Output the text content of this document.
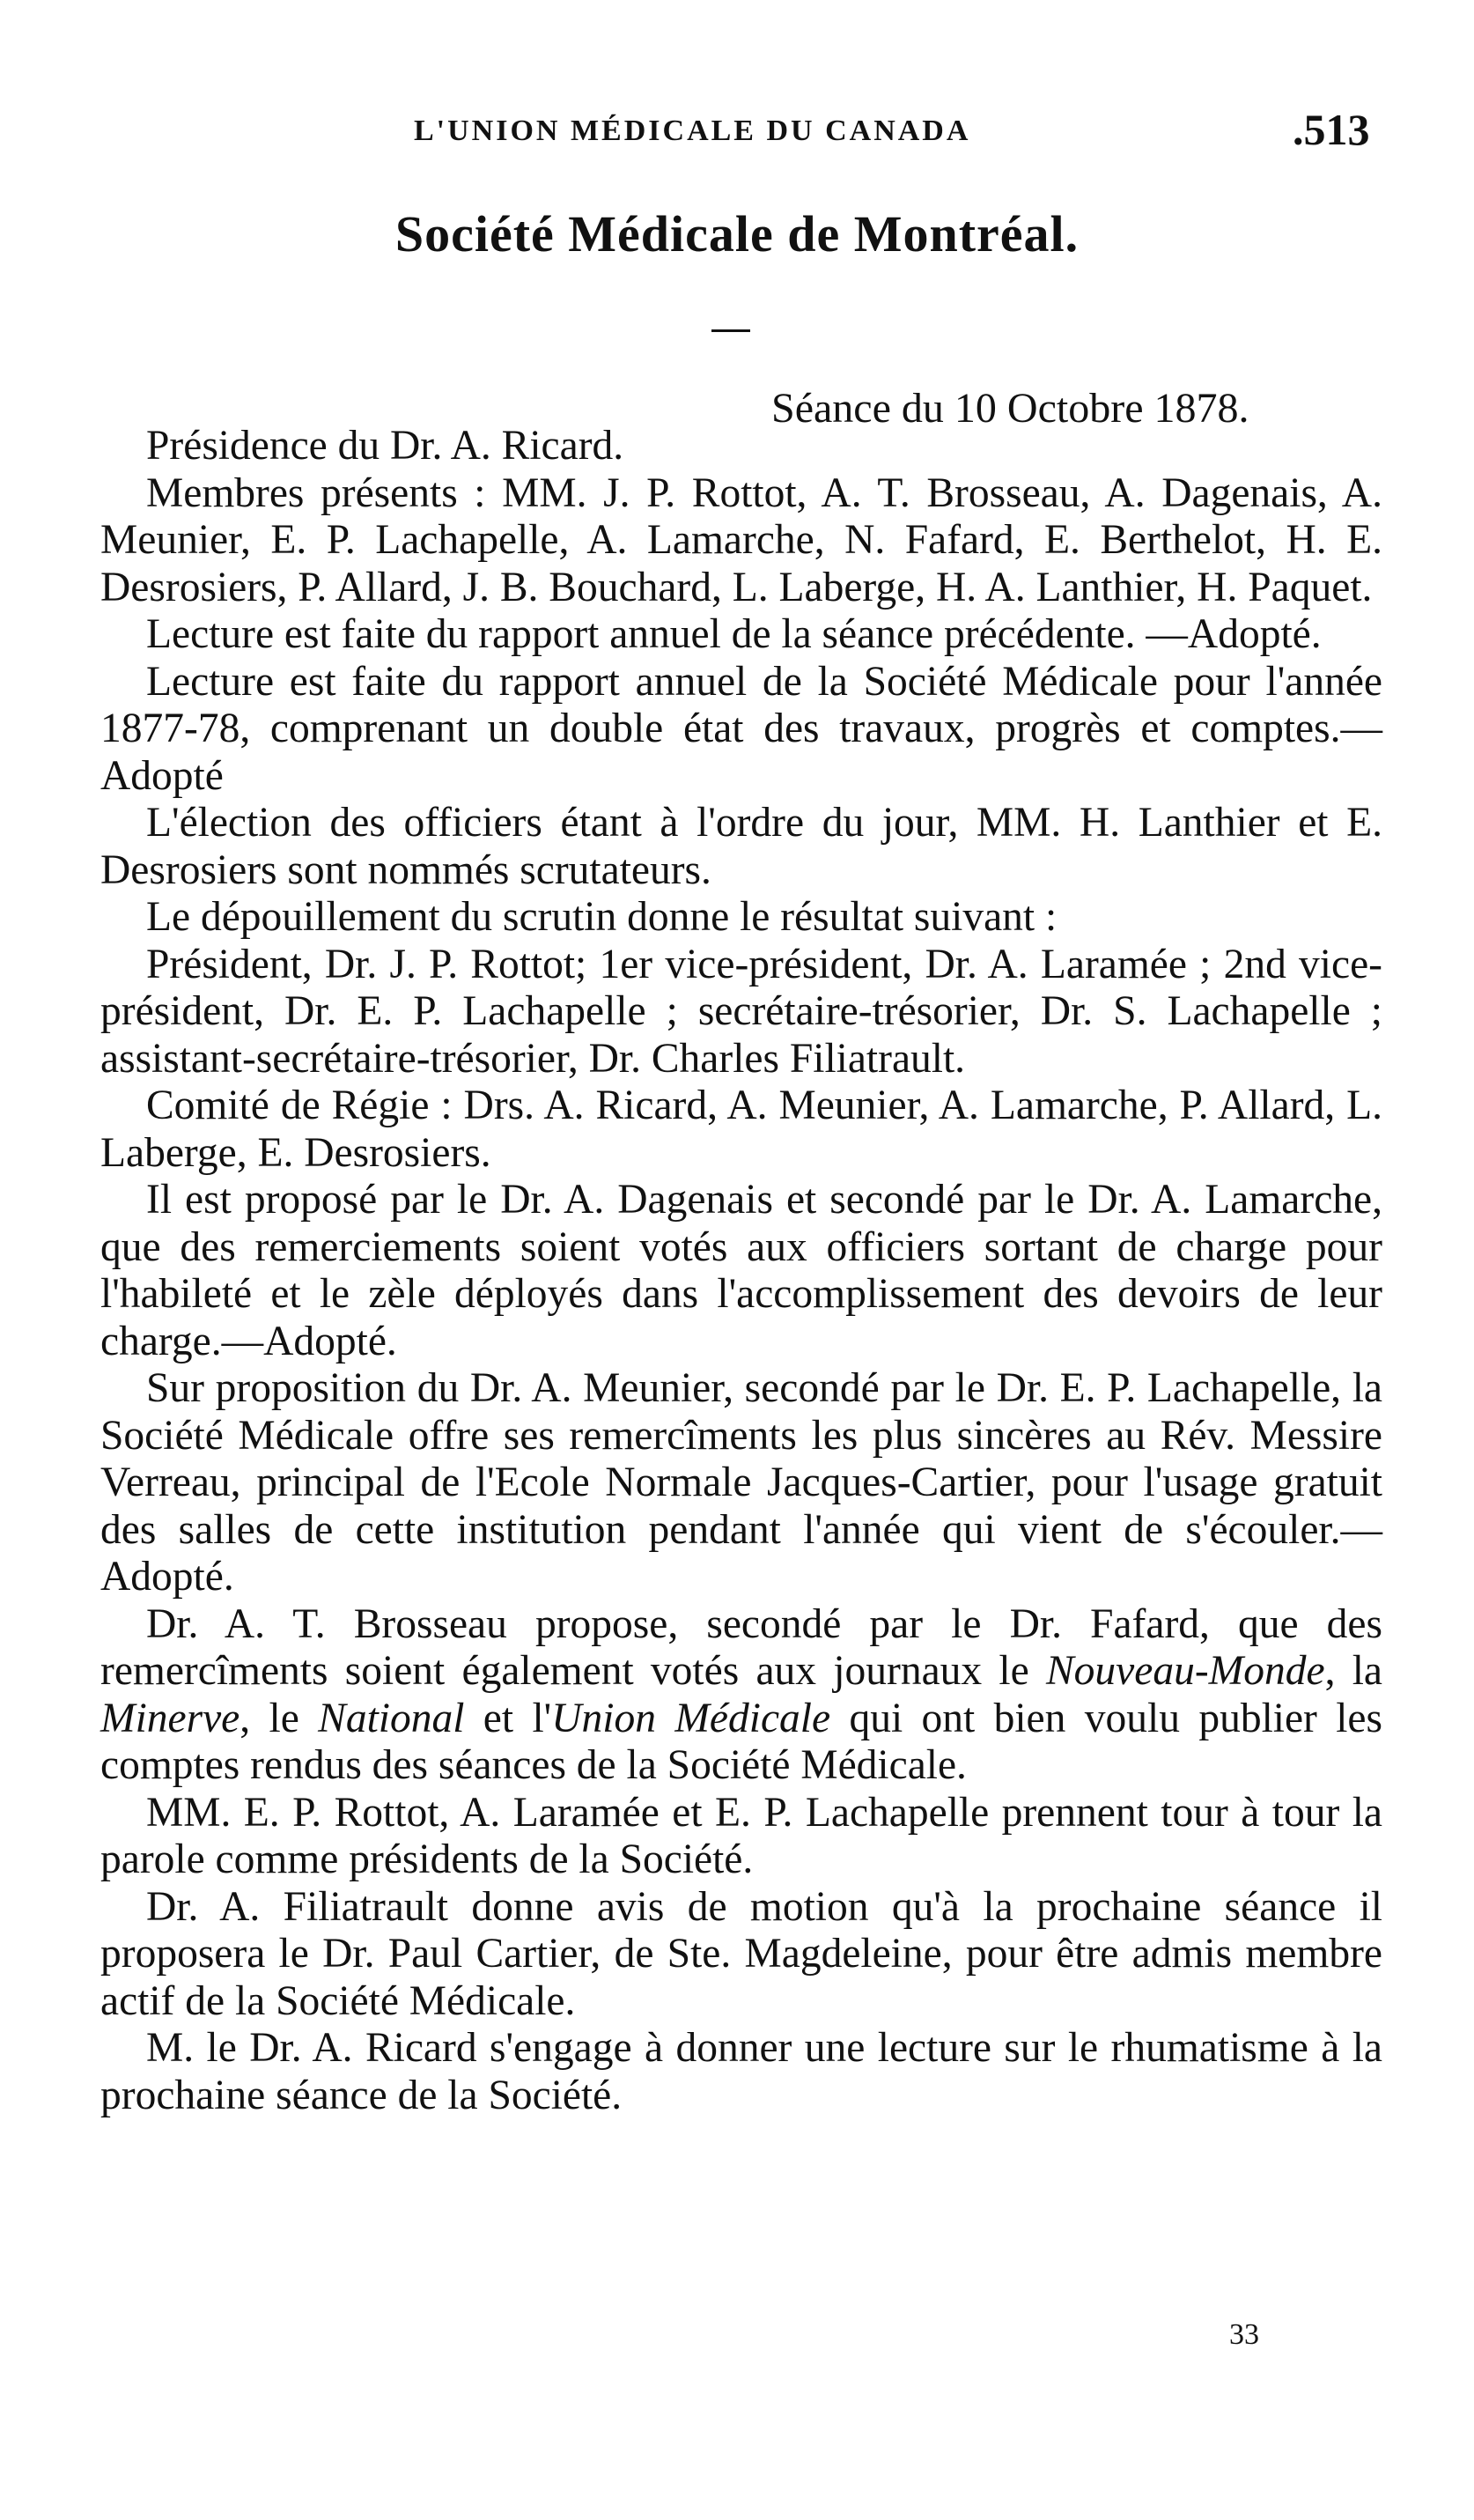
L'UNION MÉDICALE DU CANADA	.513
Société Médicale de Montréal.
Séance du 10 Octobre 1878.

Présidence du Dr. A. Ricard.

Membres présents : MM. J. P. Rottot, A. T. Brosseau, A. Dagenais, A. Meunier, E. P. Lachapelle, A. Lamarche, N. Fafard, E. Berthelot, H. E. Desrosiers, P. Allard, J. B. Bouchard, L. Laberge, H. A. Lanthier, H. Paquet.

Lecture est faite du rapport annuel de la séance précédente. —Adopté.

Lecture est faite du rapport annuel de la Société Médicale pour l'année 1877-78, comprenant un double état des travaux, progrès et comptes.—Adopté

L'élection des officiers étant à l'ordre du jour, MM. H. Lanthier et E. Desrosiers sont nommés scrutateurs.

Le dépouillement du scrutin donne le résultat suivant :

Président, Dr. J. P. Rottot; 1er vice-président, Dr. A. Laramée ; 2nd vice-président, Dr. E. P. Lachapelle ; secrétaire-trésorier, Dr. S. Lachapelle ; assistant-secrétaire-trésorier, Dr. Charles Filiatrault.

Comité de Régie : Drs. A. Ricard, A. Meunier, A. Lamarche, P. Allard, L. Laberge, E. Desrosiers.

Il est proposé par le Dr. A. Dagenais et secondé par le Dr. A. Lamarche, que des remerciements soient votés aux officiers sortant de charge pour l'habileté et le zèle déployés dans l'accomplissement des devoirs de leur charge.—Adopté.

Sur proposition du Dr. A. Meunier, secondé par le Dr. E. P. Lachapelle, la Société Médicale offre ses remercîments les plus sincères au Rév. Messire Verreau, principal de l'Ecole Normale Jacques-Cartier, pour l'usage gratuit des salles de cette institution pendant l'année qui vient de s'écouler.—Adopté.

Dr. A. T. Brosseau propose, secondé par le Dr. Fafard, que des remercîments soient également votés aux journaux le Nouveau-Monde, la Minerve, le National et l'Union Médicale qui ont bien voulu publier les comptes rendus des séances de la Société Médicale.

MM. E. P. Rottot, A. Laramée et E. P. Lachapelle prennent tour à tour la parole comme présidents de la Société.

Dr. A. Filiatrault donne avis de motion qu'à la prochaine séance il proposera le Dr. Paul Cartier, de Ste. Magdeleine, pour être admis membre actif de la Société Médicale.

M. le Dr. A. Ricard s'engage à donner une lecture sur le rhumatisme à la prochaine séance de la Société.

33
